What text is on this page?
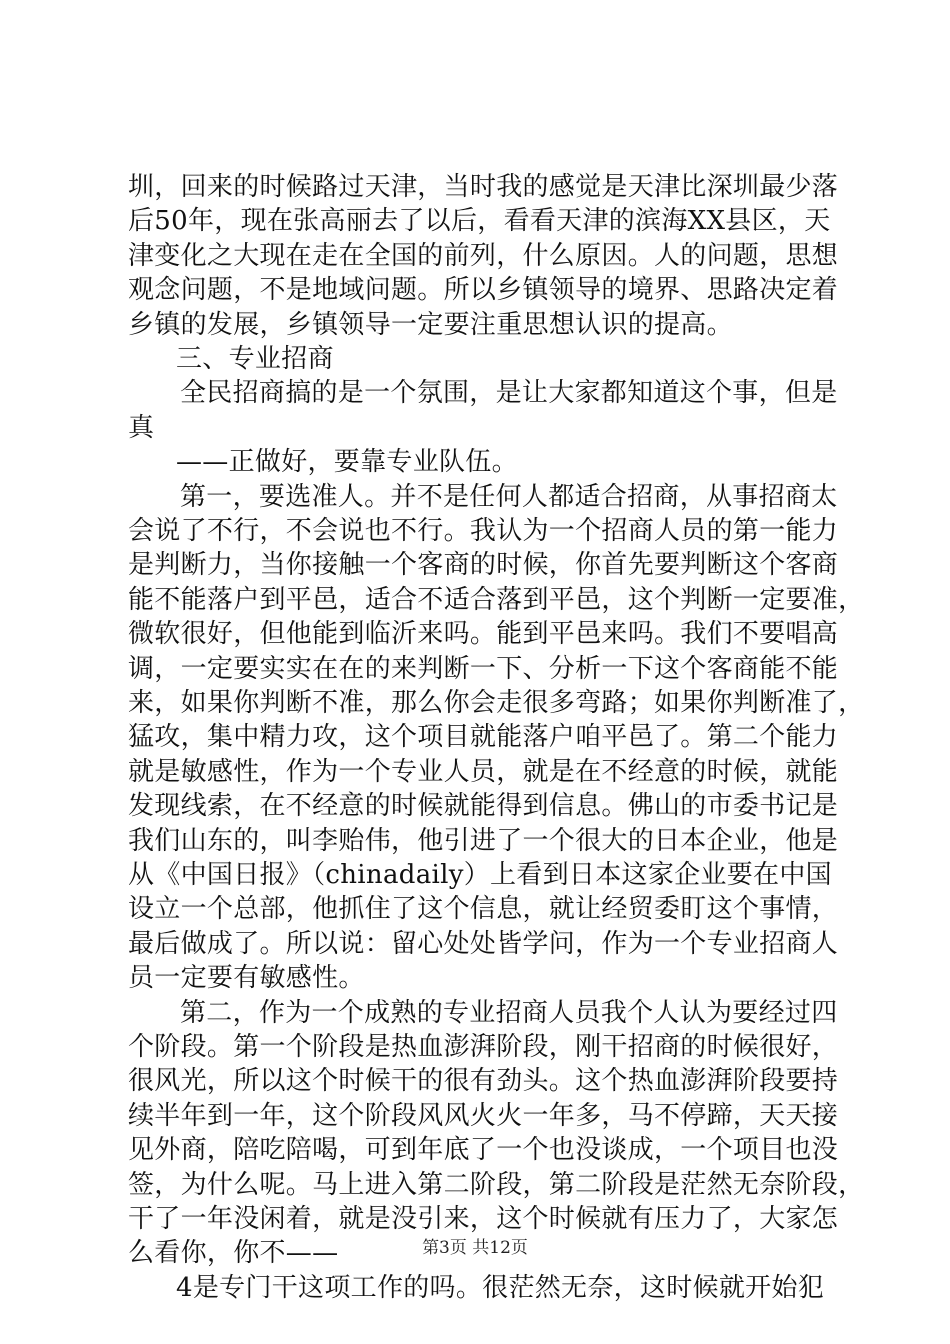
圳，回来的时候路过天津，当时我的感觉是天津比深圳最少落
后50年，现在张高丽去了以后，看看天津的滨海XX县区，天
津变化之大现在走在全国的前列，什么原因。人的问题，思想
观念问题，不是地域问题。所以乡镇领导的境界、思路决定着
乡镇的发展，乡镇领导一定要注重思想认识的提高。
三、专业招商
全民招商搞的是一个氛围，是让大家都知道这个事，但是
真
——正做好，要靠专业队伍。
第一，要选准人。并不是任何人都适合招商，从事招商太
会说了不行，不会说也不行。我认为一个招商人员的第一能力
是判断力，当你接触一个客商的时候，你首先要判断这个客商
能不能落户到平邑，适合不适合落到平邑，这个判断一定要准，
微软很好，但他能到临沂来吗。能到平邑来吗。我们不要唱高
调，一定要实实在在的来判断一下、分析一下这个客商能不能
来，如果你判断不准，那么你会走很多弯路；如果你判断准了，
猛攻，集中精力攻，这个项目就能落户咱平邑了。第二个能力
就是敏感性，作为一个专业人员，就是在不经意的时候，就能
发现线索，在不经意的时候就能得到信息。佛山的市委书记是
我们山东的，叫李贻伟，他引进了一个很大的日本企业，他是
从《中国日报》（chinadaily）上看到日本这家企业要在中国
设立一个总部，他抓住了这个信息，就让经贸委盯这个事情，
最后做成了。所以说：留心处处皆学问，作为一个专业招商人
员一定要有敏感性。
第二，作为一个成熟的专业招商人员我个人认为要经过四
个阶段。第一个阶段是热血澎湃阶段，刚干招商的时候很好，
很风光，所以这个时候干的很有劲头。这个热血澎湃阶段要持
续半年到一年，这个阶段风风火火一年多，马不停蹄，天天接
见外商，陪吃陪喝，可到年底了一个也没谈成，一个项目也没
签，为什么呢。马上进入第二阶段，第二阶段是茫然无奈阶段，
干了一年没闲着，就是没引来，这个时候就有压力了，大家怎
么看你，你不——
4是专门干这项工作的吗。很茫然无奈，这时候就开始犯
第3页 共12页
